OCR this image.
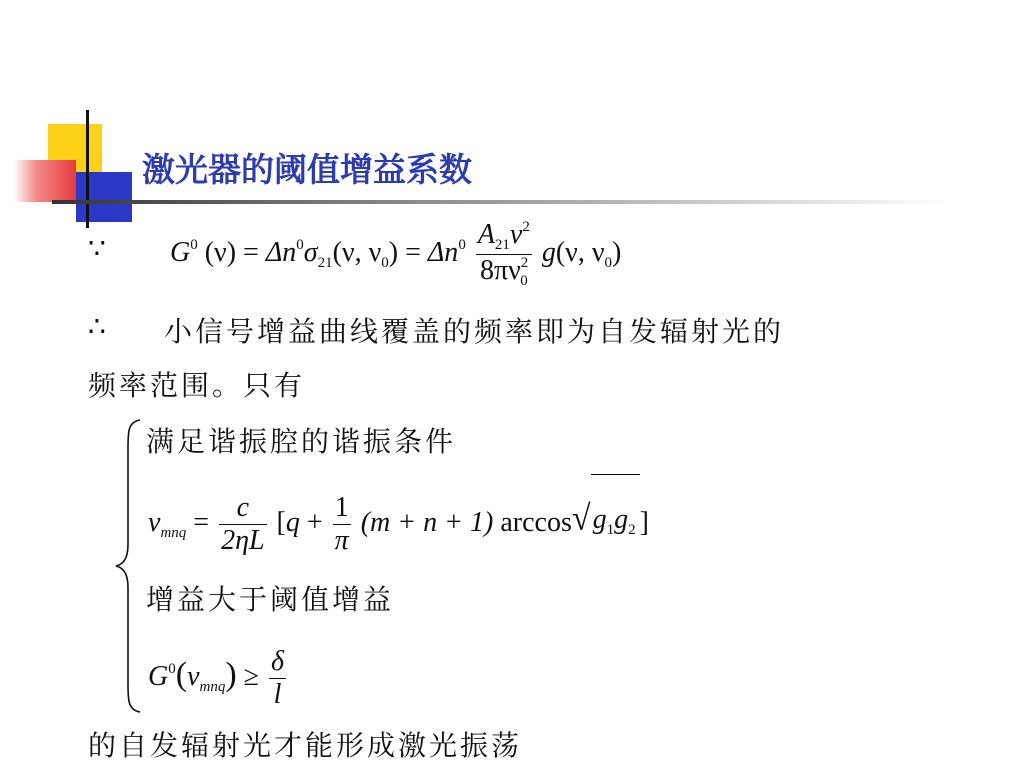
激光器的阈值增益系数
∵ $G^0$ $(\nu) = \Delta n^0\sigma_{21}(\nu$, $\nu_0) = \Delta n^0 \frac{A_{21}\nu^2}{8\pi\nu^2_0} g(\nu$, $\nu_0$)
∴ 小信号增益曲线覆盖的频率即为自发辐射光的
频率范围。只有
满足谐振腔的谐振条件
$\nu_{mnq} = \frac{c}{2\eta L} [q + \frac{1}{\pi} (m + n + 1)$ $\arccos√g_1g_2$ ]
增益大于阈值增益
$G^0(\nu_{mnq}) \ge \frac{\delta}{l}$
的自发辐射光才能形成激光振荡
